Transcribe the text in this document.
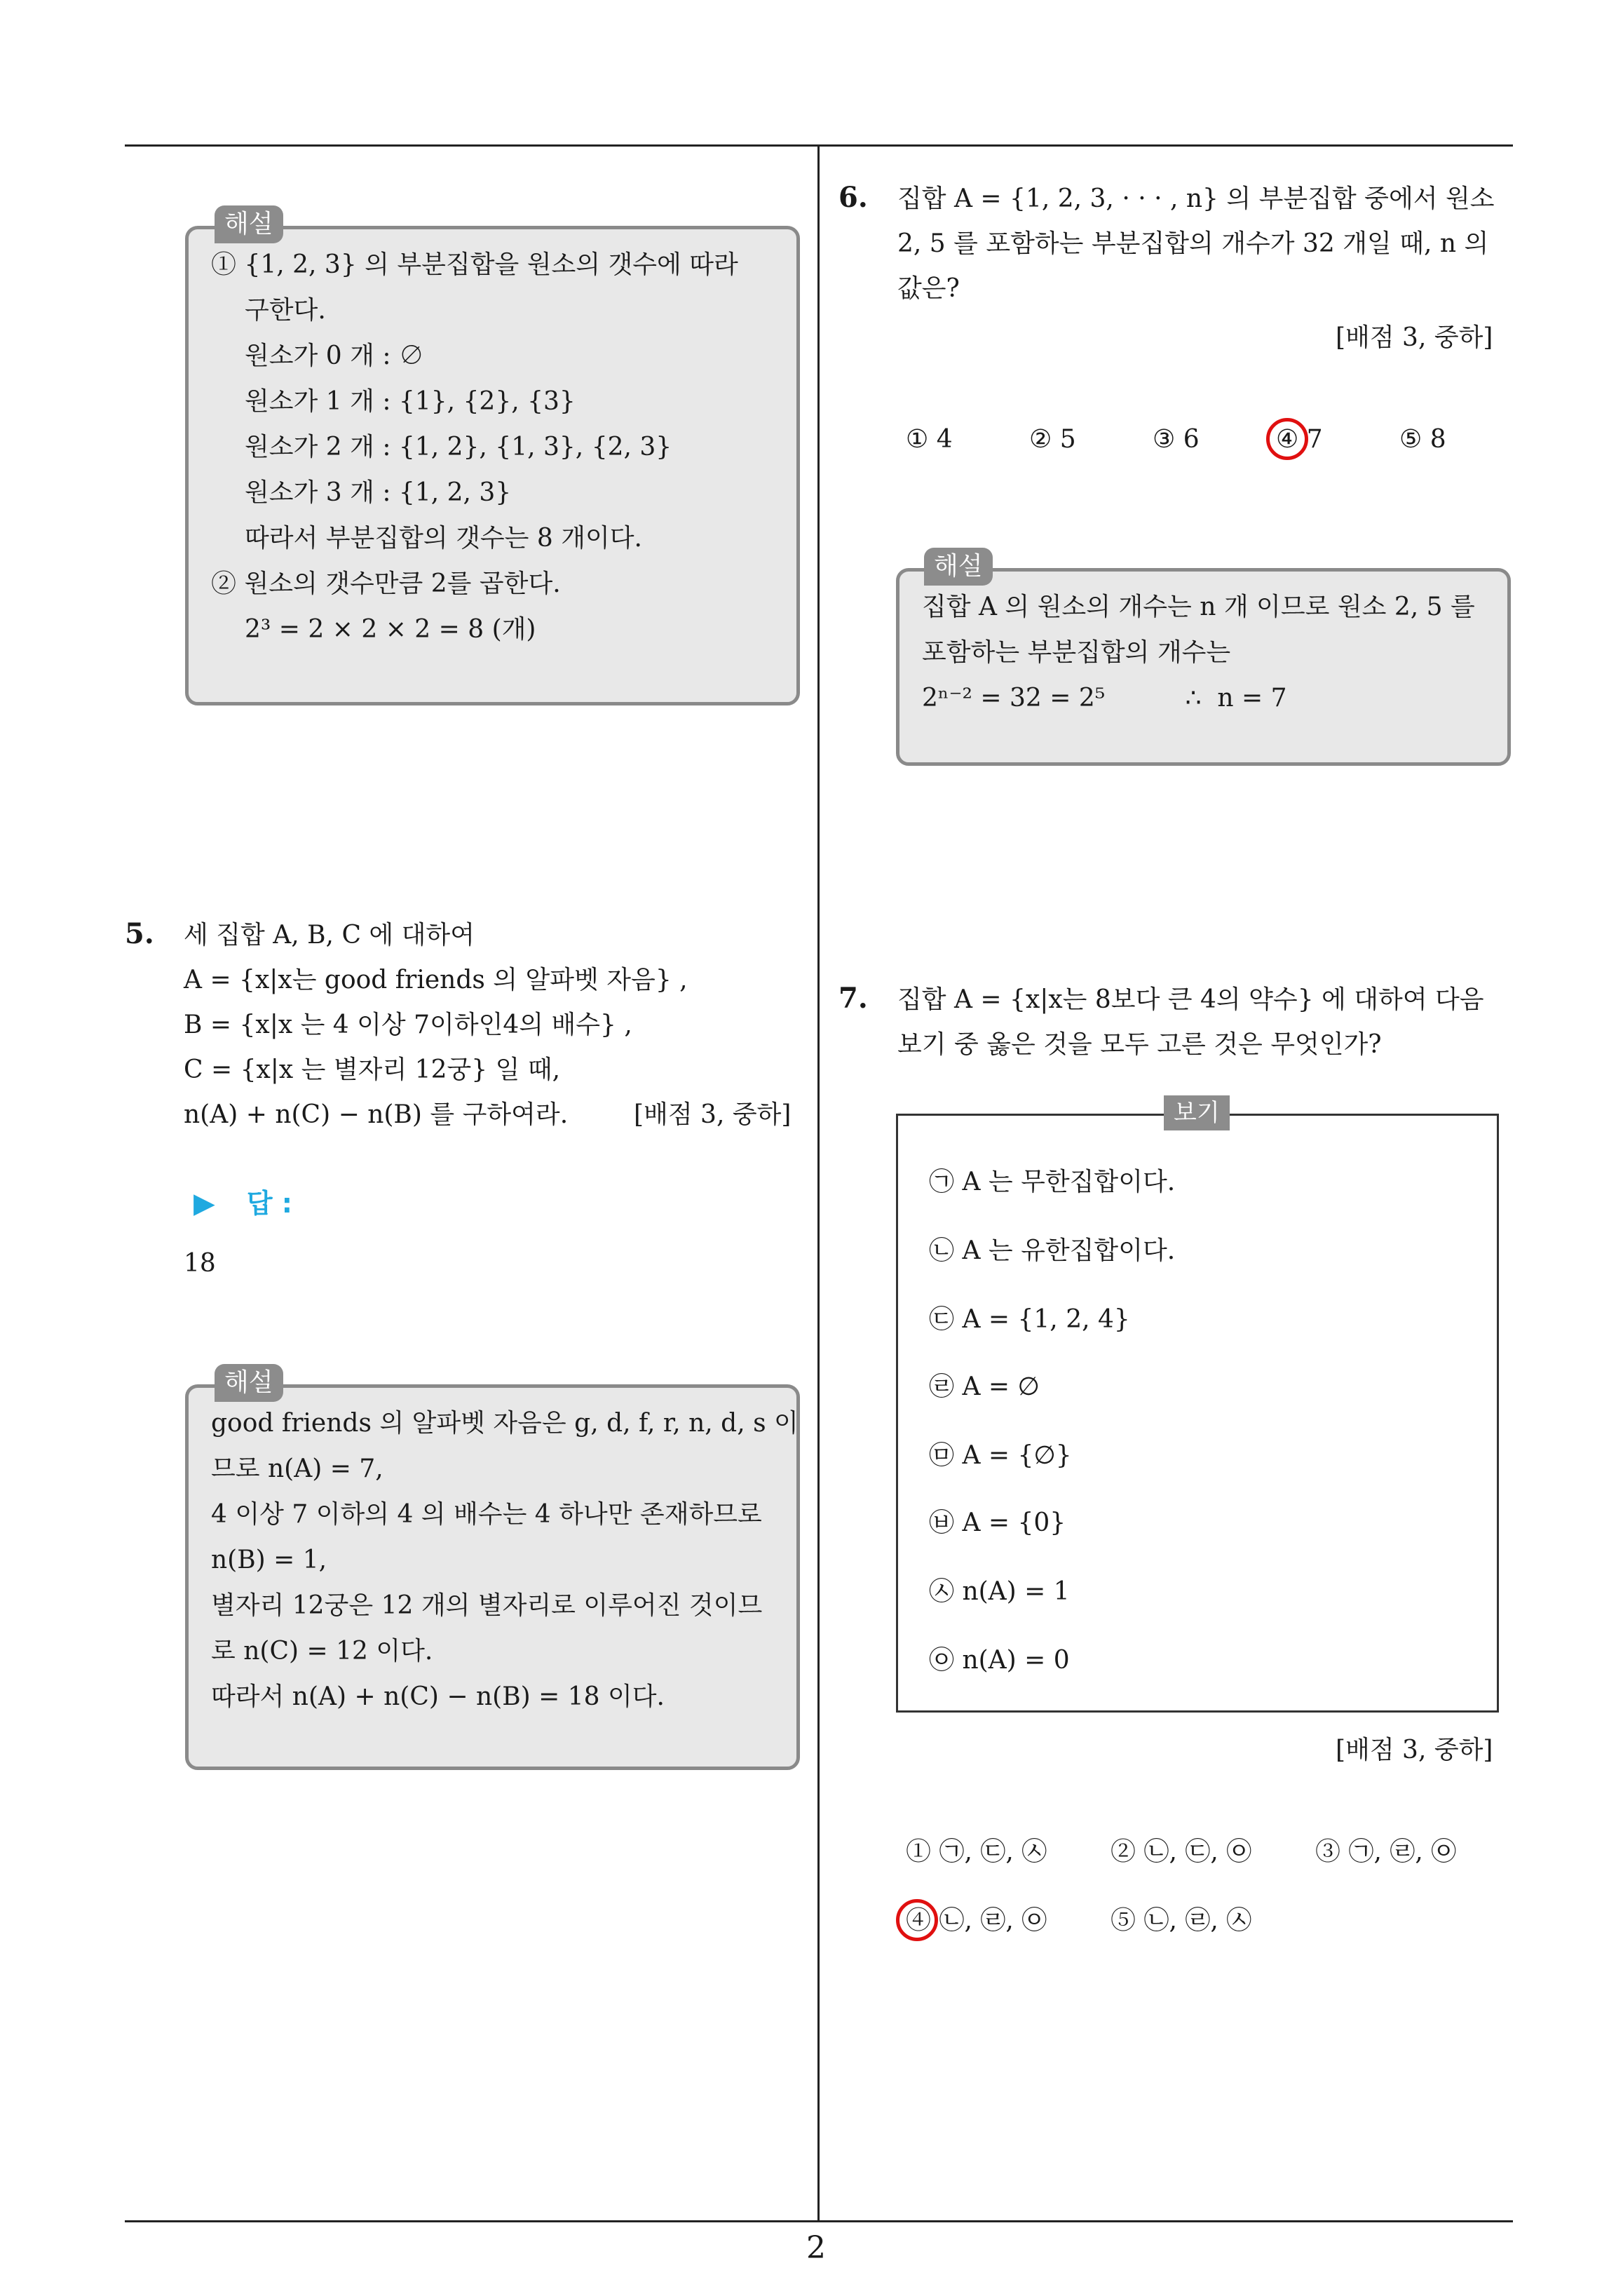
① {1, 2, 3} 의 부분집합을 원소의 갯수에 따라
구한다.
원소가 0 개 : ∅
원소가 1 개 : {1}, {2}, {3}
원소가 2 개 : {1, 2}, {1, 3}, {2, 3}
원소가 3 개 : {1, 2, 3}
따라서 부분집합의 갯수는 8 개이다.
② 원소의 갯수만큼 2를 곱한다.
2³ = 2 × 2 × 2 = 8 (개)
해설
5. 세 집합 A, B, C 에 대하여
A = {x|x는 good friends 의 알파벳 자음} ,
B = {x|x 는 4 이상 7이하인4의 배수} ,
C = {x|x 는 별자리 12궁} 일 때,
n(A) + n(C) − n(B) 를 구하여라.	[배점 3, 중하]
▶ 답 :
18
good friends 의 알파벳 자음은 g, d, f, r, n, d, s 이
므로 n(A) = 7,
4 이상 7 이하의 4 의 배수는 4 하나만 존재하므로
n(B) = 1,
별자리 12궁은 12 개의 별자리로 이루어진 것이므
로 n(C) = 12 이다.
따라서 n(A) + n(C) − n(B) = 18 이다.
해설
6. 집합 A = {1, 2, 3, · · · , n} 의 부분집합 중에서 원소
2, 5 를 포함하는 부분집합의 개수가 32 개일 때, n 의
값은?
[배점 3, 중하]
① 4	② 5	③ 6	④ 7	⑤ 8
집합 A 의 원소의 개수는 n 개 이므로 원소 2, 5 를
포함하는 부분집합의 개수는
2ⁿ⁻² = 32 = 2⁵          ∴  n = 7
해설
7. 집합 A = {x|x는 8보다 큰 4의 약수} 에 대하여 다음
보기 중 옳은 것을 모두 고른 것은 무엇인가?
㉠ A 는 무한집합이다.
㉡ A 는 유한집합이다.
㉢ A = {1, 2, 4}
㉣ A = ∅
㉤ A = {∅}
㉥ A = {0}
㉦ n(A) = 1
㉧ n(A) = 0
보기
[배점 3, 중하]
① ㉠, ㉢, ㉦	② ㉡, ㉢, ㉧	③ ㉠, ㉣, ㉧
④ ㉡, ㉣, ㉧	⑤ ㉡, ㉣, ㉦
2
